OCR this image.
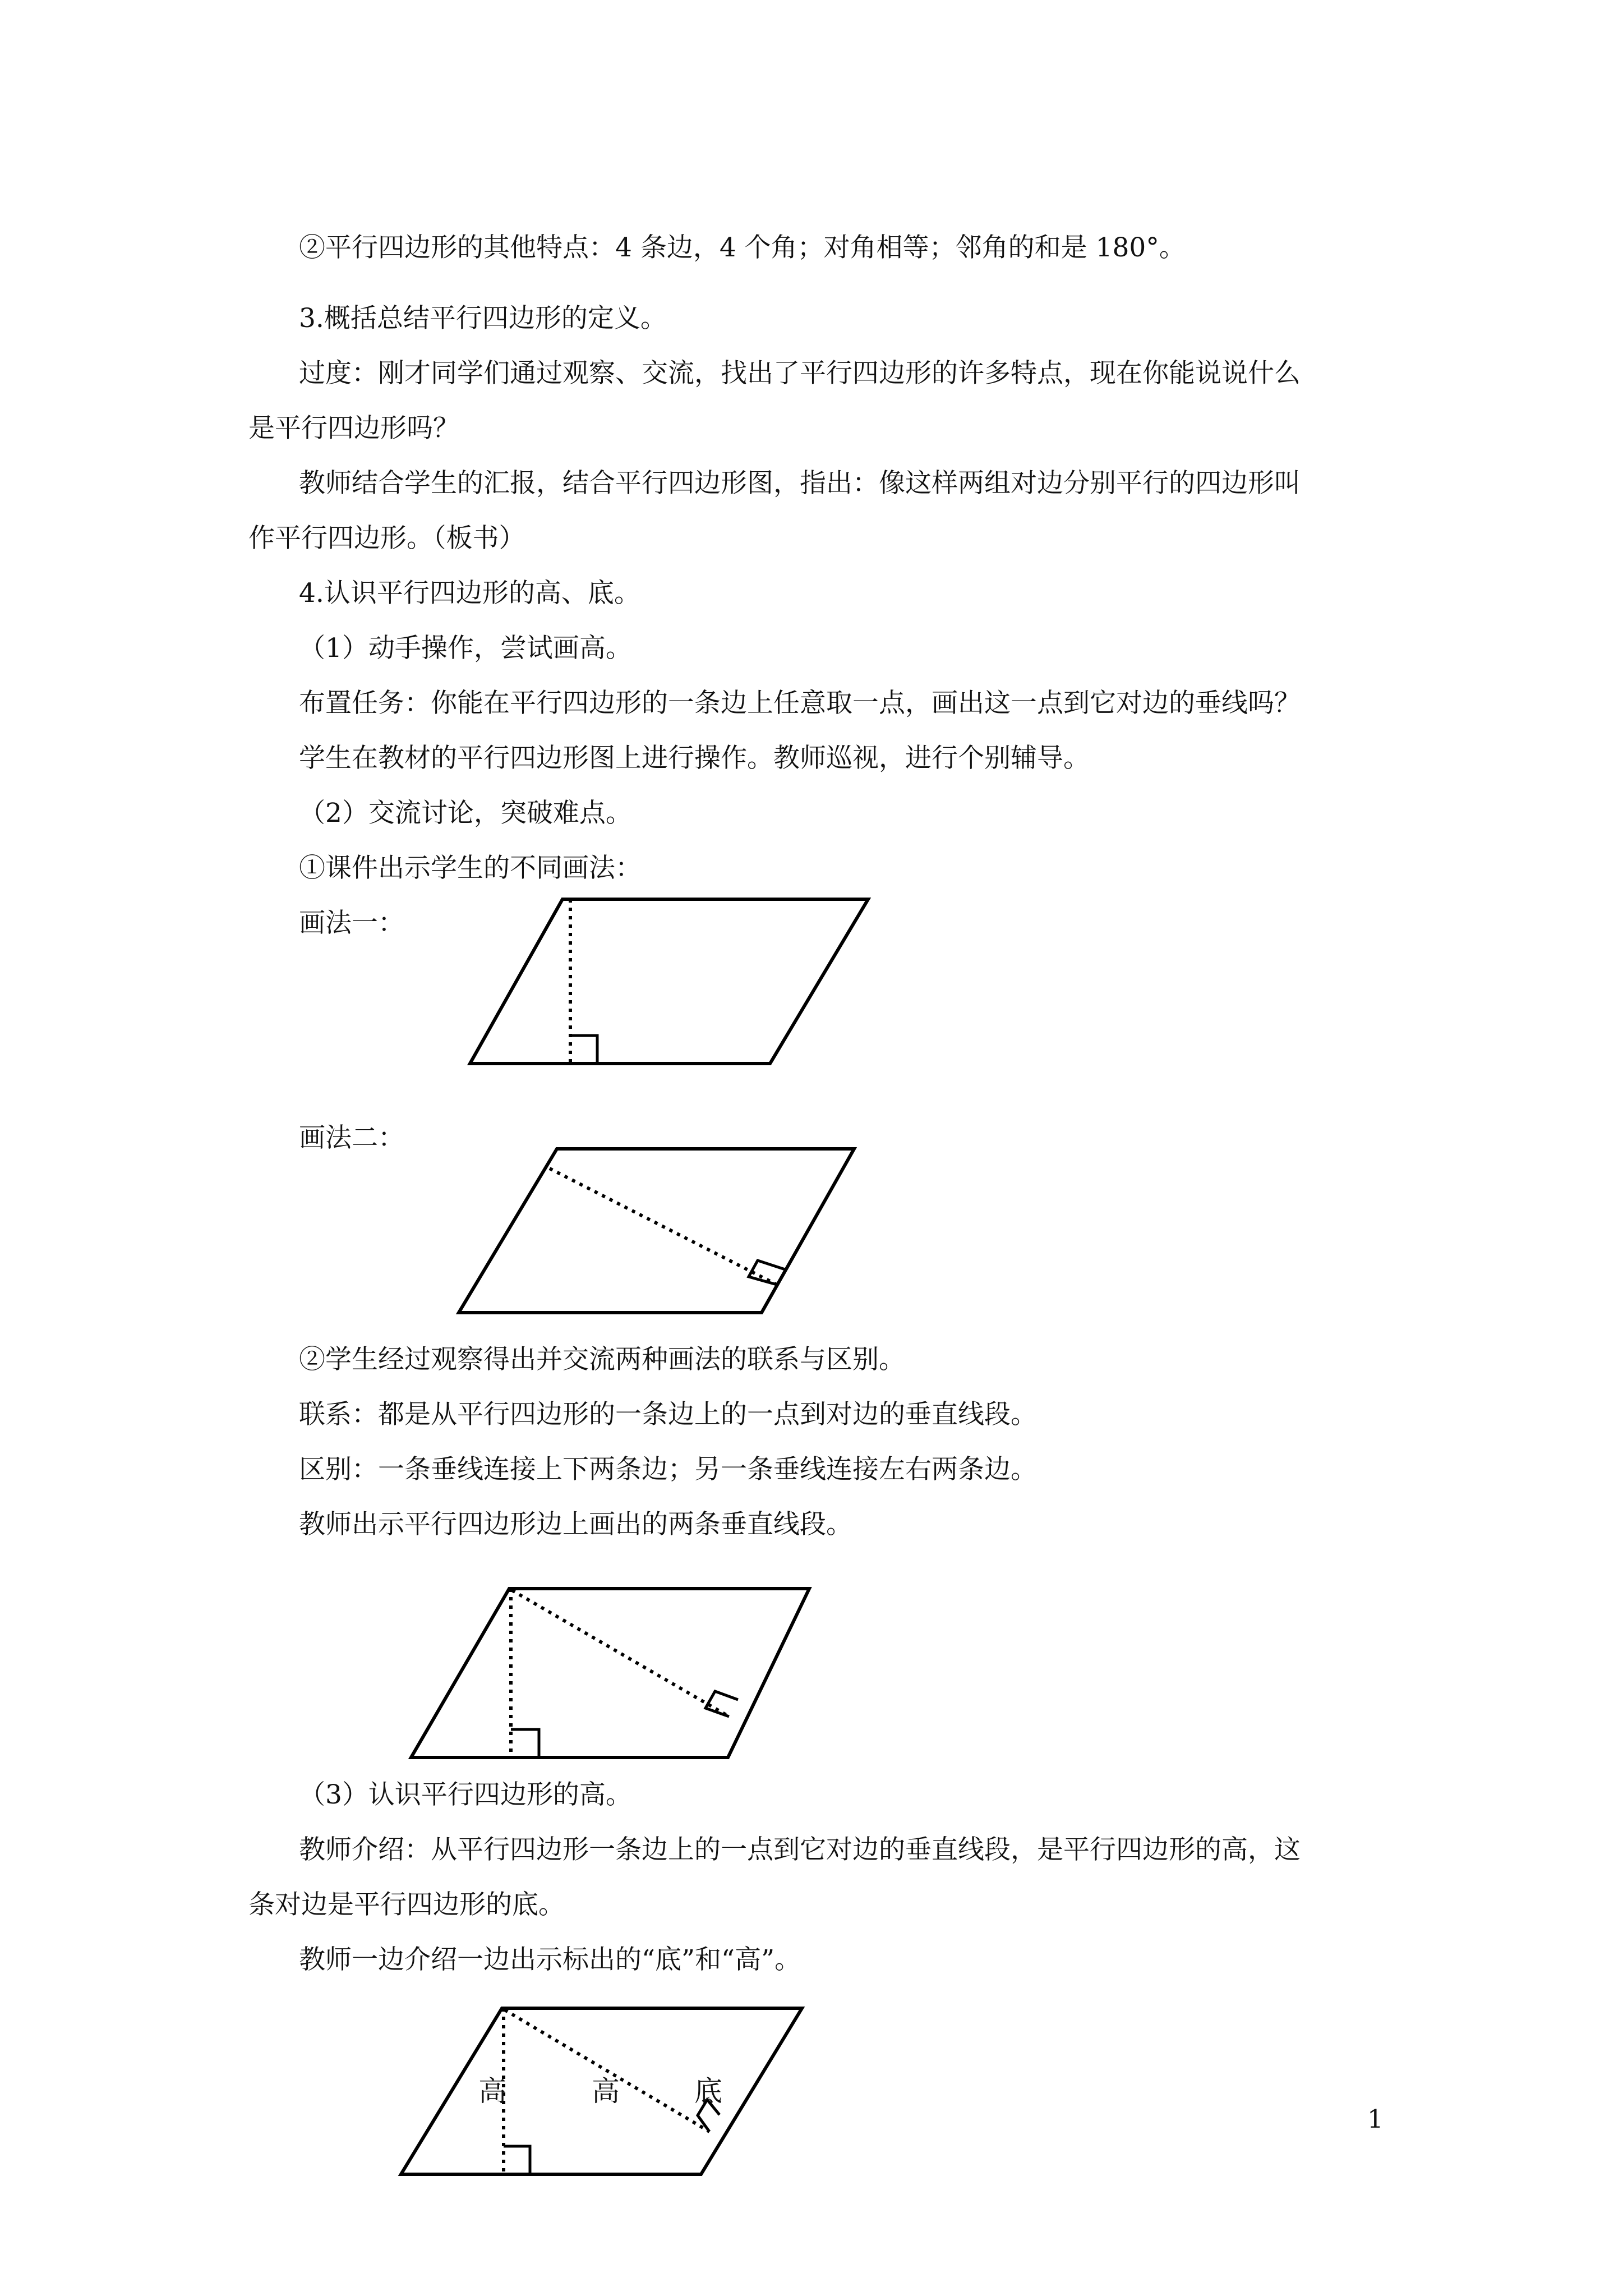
②平行四边形的其他特点：4 条边，4 个角；对角相等；邻角的和是 180°。
3.概括总结平行四边形的定义。
过度：刚才同学们通过观察、交流，找出了平行四边形的许多特点，现在你能说说什么
是平行四边形吗？
教师结合学生的汇报，结合平行四边形图，指出：像这样两组对边分别平行的四边形叫
作平行四边形。（板书）
4.认识平行四边形的高、底。
（1）动手操作，尝试画高。
布置任务：你能在平行四边形的一条边上任意取一点，画出这一点到它对边的垂线吗？
学生在教材的平行四边形图上进行操作。教师巡视，进行个别辅导。
（2）交流讨论，突破难点。
①课件出示学生的不同画法：
画法一：
画法二：
②学生经过观察得出并交流两种画法的联系与区别。
联系：都是从平行四边形的一条边上的一点到对边的垂直线段。
区别：一条垂线连接上下两条边；另一条垂线连接左右两条边。
教师出示平行四边形边上画出的两条垂直线段。
（3）认识平行四边形的高。
教师介绍：从平行四边形一条边上的一点到它对边的垂直线段，是平行四边形的高，这
条对边是平行四边形的底。
教师一边介绍一边出示标出的“底”和“高”。
高	高	底
1
